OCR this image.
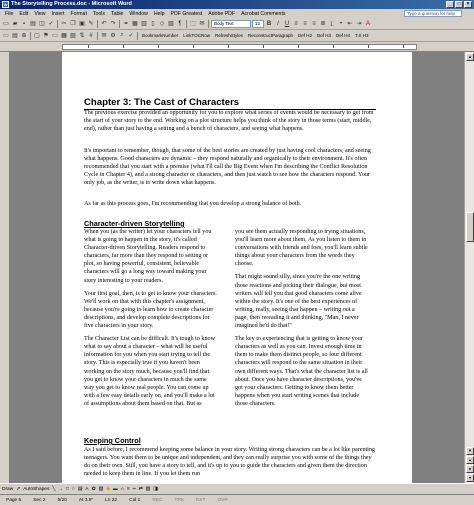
W The Storytelling Process.doc - Microsoft Word	_	□	×
File	Edit	View	Insert	Format	Tools	Table	Window	Help	PDF Greatest	Adobe PDF	Acrobat Comments	Type a question for help
▭ ▰ ▪ ▤ ◫ ✓ ✂ ❐ ▣ ✎ ↶ ↷ ⚭ ▦ ▥ ▯ ◇ ▧ ¶	⬚ ✉	Body Text	12	B I	U ≡ ≡ ≡ ≣ ⒈ • ⇤ ⇥ A
▭ ▤ ⊕ ▢ ⚑ ▭ ▦ ▨ ⇅ #	✉ ⚙ ⌕ ✓	BookmarkNumber	LinkTOCRow	RefreshStyles	ReconstructParagraph	Def H2	Def H3	Def H4	T.S H3
Chapter 3: The Cast of Characters
The previous exercise provided an opportunity for you to explore what series of events would be necessary to get from the start of your story to the end. Working on a plot structure helps you think of the story in those terms (start, middle, end), rather than just having a setting and a bunch of characters, and seeing what happens.
It's important to remember, though, that some of the best stories are created by just having cool characters, and seeing what happens. Good characters are dynamic – they respond naturally and organically to their environment. It's often recommended that you start with a premise (what I'll call the Big Event when I'm describing the Conflict Resolution Cycle in Chapter 4), and a strong character or characters, and then just watch to see how the characters respond. Your only job, as the writer, is to write down what happens.
As far as this process goes, I'm recommending that you develop a strong balance of both.
Character-driven Storytelling

When you (as the writer) let your characters tell you what is going to happen in the story, it's called Character-driven Storytelling. Readers respond to characters, far more than they respond to setting or plot, so having powerful, consistent, believable characters will go a long way toward making your story interesting to your readers.

Your first goal, then, is to get to know your characters. We'll work on that with this chapter's assignment, because you're going to learn how to create character descriptions, and develop complete descriptions for five characters in your story.

The Character List can be difficult. It's tough to know what to say about a character – what will be useful information for you when you start trying to tell the story. This is especially true if you haven't been working on the story much, because you'll find that you get to know your characters in much the same way you get to know real people. You can come up with a few easy details early on, and you'll make a lot of assumptions about them based on that. But as

you see them actually responding to trying situations, you'll learn more about them. As you listen to them in conversations with friends and foes, you'll learn subtle things about your characters from the words they choose.

That might sound silly, since you're the one writing those reactions and picking their dialogue, but most writers will tell you that good characters come alive within the story. It's one of the best experiences of writing, really, seeing that happen – writing out a page, then rereading it and thinking, "Man, I never imagined he'd do that!"

The key to experiencing that is getting to know your characters as well as you can. Invest enough time in them to make them distinct people, so four different characters will respond to the same situation in their own different ways. That's what the character list is all about. Once you have character descriptions, you've got your characters. Getting to know them better happens when you start writing scenes that include those characters.

Keeping Control
As I said before, I recommend keeping some balance in your story. Writing strong characters can be a lot like parenting teenagers. You want them to be unique and independent, and they can really surprise you with some of the things they do on their own. Still, you have a story to tell, and it's up to you to guide the characters and given them the direction needed to keep them in line. If you let them run
▲
▼
▴
●
▾
Draw ➚ AutoShapes ╲ → □ ○ ▤ A ✿ ▨ ◆ ▬ A ≡ ┅ ⇄ ▧ ◨
Page 5	Sec 2	5/20	At 3.9"	Ln 22	Col 1	REC	TRK	EXT	OVR
